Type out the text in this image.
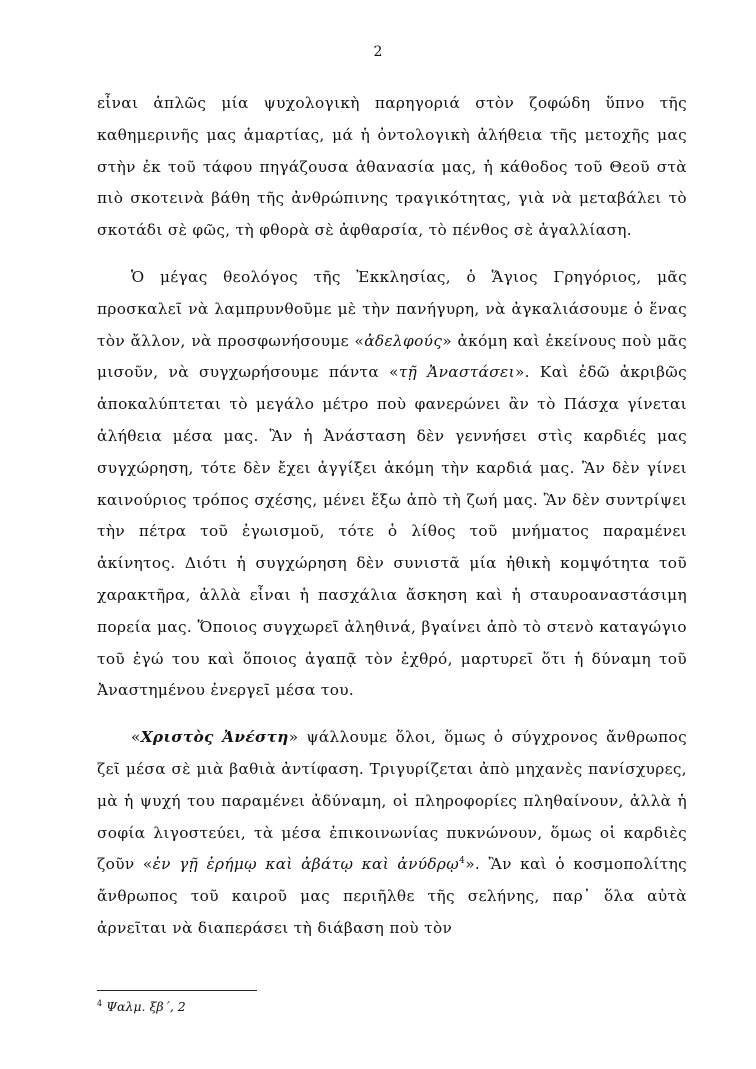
2

εἶναι ἁπλῶς μία ψυχολογικὴ παρηγοριά στὸν ζοφώδη ὕπνο τῆς καθημερινῆς μας ἁμαρτίας, μά ἡ ὀντολογικὴ ἀλήθεια τῆς μετοχῆς μας στὴν ἐκ τοῦ τάφου πηγάζουσα ἀθανασία μας, ἡ κάθοδος τοῦ Θεοῦ στὰ πιὸ σκοτεινὰ βάθη τῆς ἀνθρώπινης τραγικότητας, γιὰ νὰ μεταβάλει τὸ σκοτάδι σὲ φῶς, τὴ φθορὰ σὲ ἀφθαρσία, τὸ πένθος σὲ ἀγαλλίαση.

Ὁ μέγας θεολόγος τῆς Ἐκκλησίας, ὁ Ἅγιος Γρηγόριος, μᾶς προσκαλεῖ νὰ λαμπρυνθοῦμε μὲ τὴν πανήγυρη, νὰ ἀγκαλιάσουμε ὁ ἕνας τὸν ἄλλον, νὰ προσφωνήσουμε «ἀδελφούς» ἀκόμη καὶ ἐκείνους ποὺ μᾶς μισοῦν, νὰ συγχωρήσουμε πάντα «τῇ Ἀναστάσει». Καὶ ἐδῶ ἀκριβῶς ἀποκαλύπτεται τὸ μεγάλο μέτρο ποὺ φανερώνει ἂν τὸ Πάσχα γίνεται ἀλήθεια μέσα μας. Ἂν ἡ Ἀνάσταση δὲν γεννήσει στὶς καρδιές μας συγχώρηση, τότε δὲν ἔχει ἀγγίξει ἀκόμη τὴν καρδιά μας. Ἂν δὲν γίνει καινούριος τρόπος σχέσης, μένει ἔξω ἀπὸ τὴ ζωή μας. Ἂν δὲν συντρίψει τὴν πέτρα τοῦ ἐγωισμοῦ, τότε ὁ λίθος τοῦ μνήματος παραμένει ἀκίνητος. Διότι ἡ συγχώρηση δὲν συνιστᾶ μία ἠθικὴ κομψότητα τοῦ χαρακτῆρα, ἀλλὰ εἶναι ἡ πασχάλια ἄσκηση καὶ ἡ σταυροαναστάσιμη πορεία μας. Ὅποιος συγχωρεῖ ἀληθινά, βγαίνει ἀπὸ τὸ στενὸ καταγώγιο τοῦ ἐγώ του καὶ ὅποιος ἀγαπᾷ τὸν ἐχθρό, μαρτυρεῖ ὅτι ἡ δύναμη τοῦ Ἀναστημένου ἐνεργεῖ μέσα του.

«Χριστὸς Ἀνέστη» ψάλλουμε ὅλοι, ὅμως ὁ σύγχρονος ἄνθρωπος ζεῖ μέσα σὲ μιὰ βαθιὰ ἀντίφαση. Τριγυρίζεται ἀπὸ μηχανὲς πανίσχυρες, μὰ ἡ ψυχή του παραμένει ἀδύναμη, οἱ πληροφορίες πληθαίνουν, ἀλλὰ ἡ σοφία λιγοστεύει, τὰ μέσα ἐπικοινωνίας πυκνώνουν, ὅμως οἱ καρδιὲς ζοῦν «ἐν γῇ ἐρήμῳ καὶ ἀβάτῳ καὶ ἀνύδρῳ$^4$». Ἂν καὶ ὁ κοσμοπολίτης ἄνθρωπος τοῦ καιροῦ μας περιῆλθε τῆς σελήνης, παρ᾽ ὅλα αὐτὰ ἀρνεῖται νὰ διαπεράσει τὴ διάβαση ποὺ τὸν

$^4$ Ψαλμ. ξβ΄, 2
